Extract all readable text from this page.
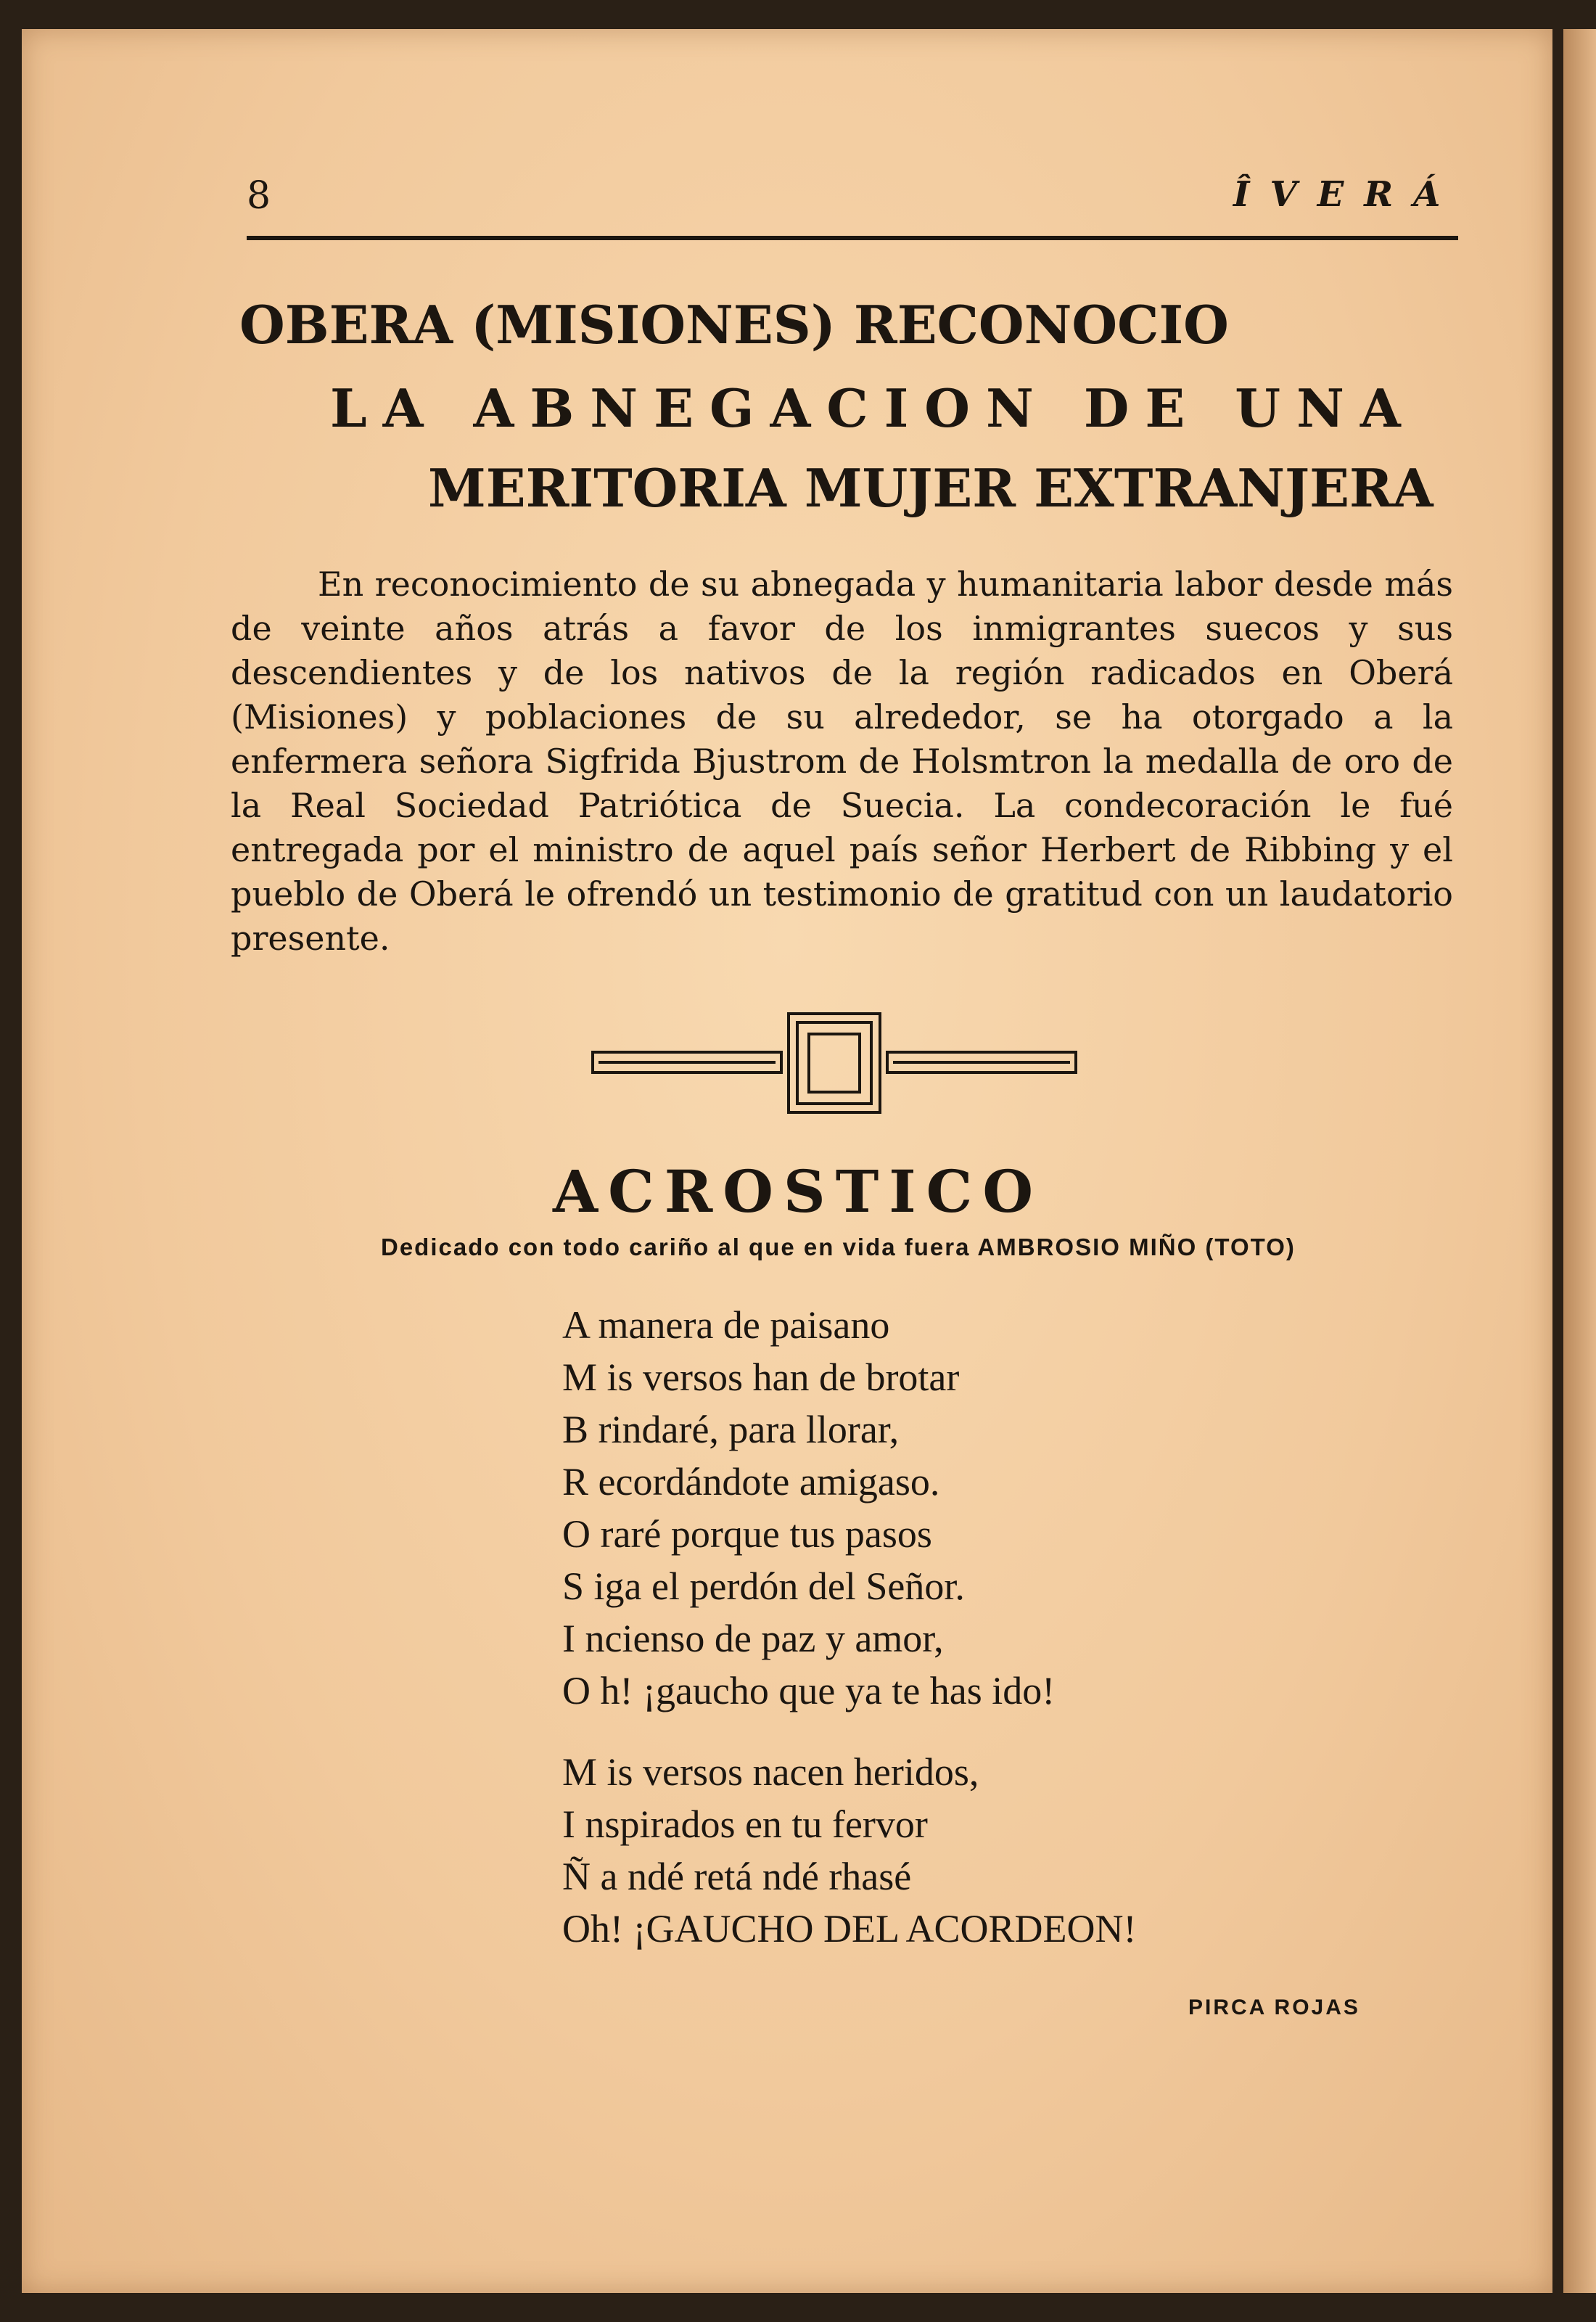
8	ÎVERÁ
OBERA (MISIONES) RECONOCIO
LA ABNEGACION DE UNA
MERITORIA MUJER EXTRANJERA
En reconocimiento de su abnegada y humanitaria labor desde más de veinte años atrás a favor de los inmigrantes suecos y sus descendientes y de los nativos de la región radicados en Oberá (Misiones) y poblaciones de su alrededor, se ha otorgado a la enfermera señora Sigfrida Bjustrom de Holsmtron la medalla de oro de la Real Sociedad Patriótica de Suecia. La condecoración le fué entregada por el ministro de aquel país señor Herbert de Ribbing y el pueblo de Oberá le ofrendó un testimonio de gratitud con un laudatorio presente.
ACROSTICO
Dedicado con todo cariño al que en vida fuera AMBROSIO MIÑO (TOTO)
A manera de paisano
M is versos han de brotar
B rindaré, para llorar,
R ecordándote amigaso.
O raré porque tus pasos
S iga el perdón del Señor.
I ncienso de paz y amor,
O h! ¡gaucho que ya te has ido!
M is versos nacen heridos,
I nspirados en tu fervor
Ñ a ndé retá ndé rhasé
Oh! ¡GAUCHO DEL ACORDEON!
PIRCA ROJAS
